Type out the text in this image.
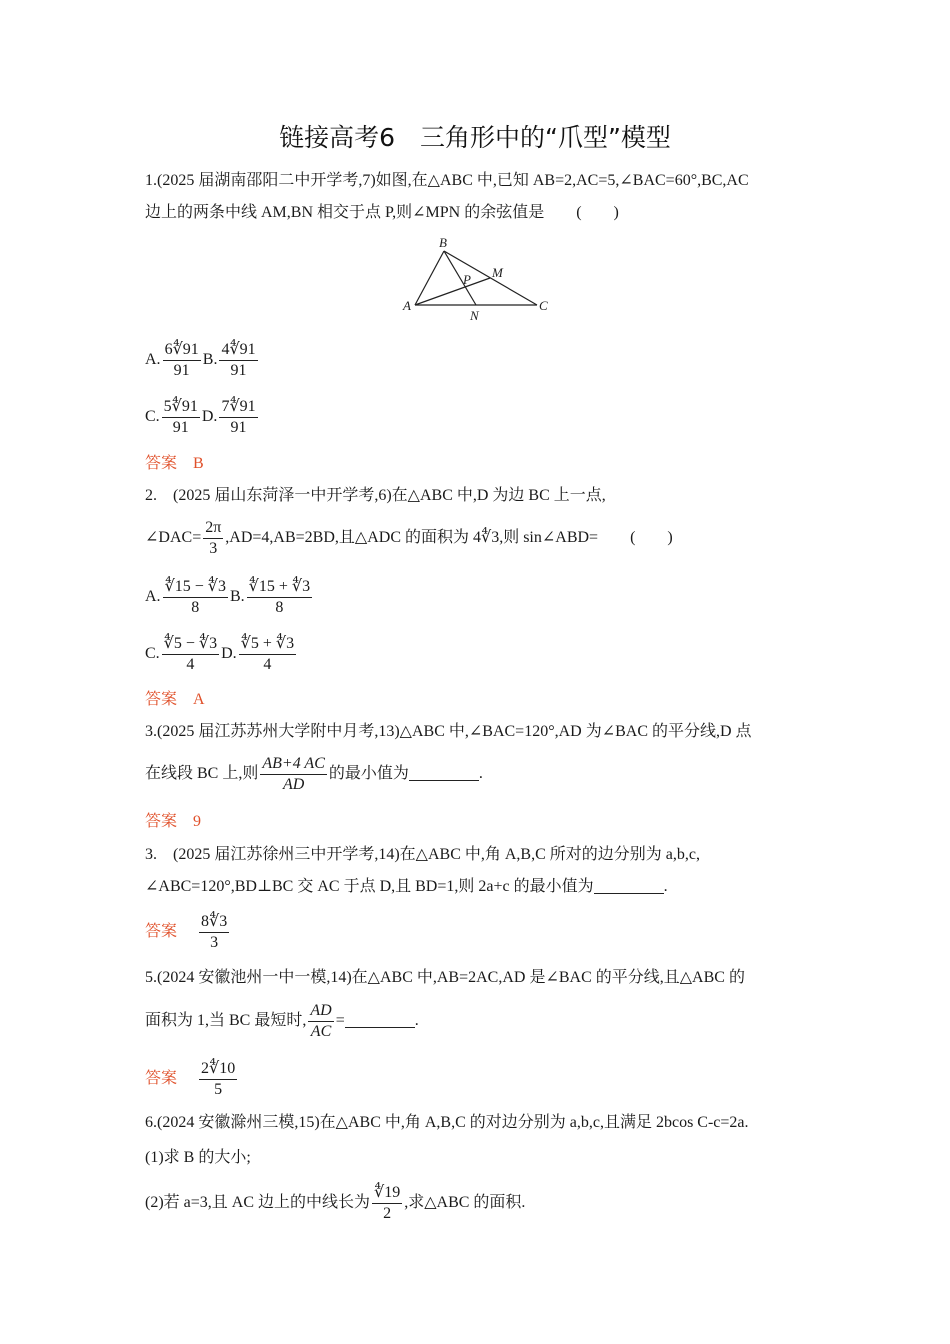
链接高考6　三角形中的“爪型”模型
1.(2025 届湖南邵阳二中开学考,7)如图,在△ABC 中,已知 AB=2,AC=5,∠BAC=60°,BC,AC
边上的两条中线 AM,BN 相交于点 P,则∠MPN 的余弦值是　　(　　)
B
P M
A
N
C
A. $\frac{6∜91}{91} B$. $\frac{4∜91}{91}$
C. $\frac{5∜91}{91} D$. $\frac{7∜91}{91}$
答案　B
2.　(2025 届山东菏泽一中开学考,6)在△ABC 中,D 为边 BC 上一点,
∠DAC= $\frac{2\pi}{3} ,AD=4,AB=2BD$,且△ADC 的面积为 4∜3,则 sin∠ABD=　　(　　)
A. $\frac{∜15 - ∜3}{8} B$. $\frac{∜15 + ∜3}{8}$
C. $\frac{∜5 - ∜3}{4} D$. $\frac{∜5 + ∜3}{4}$
答案　A
3.(2025 届江苏苏州大学附中月考,13)△ABC 中,∠BAC=120°,AD 为∠BAC 的平分线,D 点
在线段 BC 上,则 $\frac{AB+4 AC}{AD}$ 的最小值为	.
答案　9
3.　(2025 届江苏徐州三中开学考,14)在△ABC 中,角 A,B,C 所对的边分别为 a,b,c,
∠ABC=120°,BD⊥BC 交 AC 于点 D,且 BD=1,则 2a+c 的最小值为	.
答案 $\frac{8∜3}{3}$
5.(2024 安徽池州一中一模,14)在△ABC 中,AB=2AC,AD 是∠BAC 的平分线,且△ABC 的
面积为 1,当 BC 最短时, $\frac{AD}{AC}$ =	.
答案 $\frac{2∜10}{5}$
6.(2024 安徽滁州三模,15)在△ABC 中,角 A,B,C 的对边分别为 a,b,c,且满足 2bcos C-c=2a.
(1)求 B 的大小;
(2)若 a=3,且 AC 边上的中线长为 $\frac{∜19}{2}$ ,求△ABC 的面积.
